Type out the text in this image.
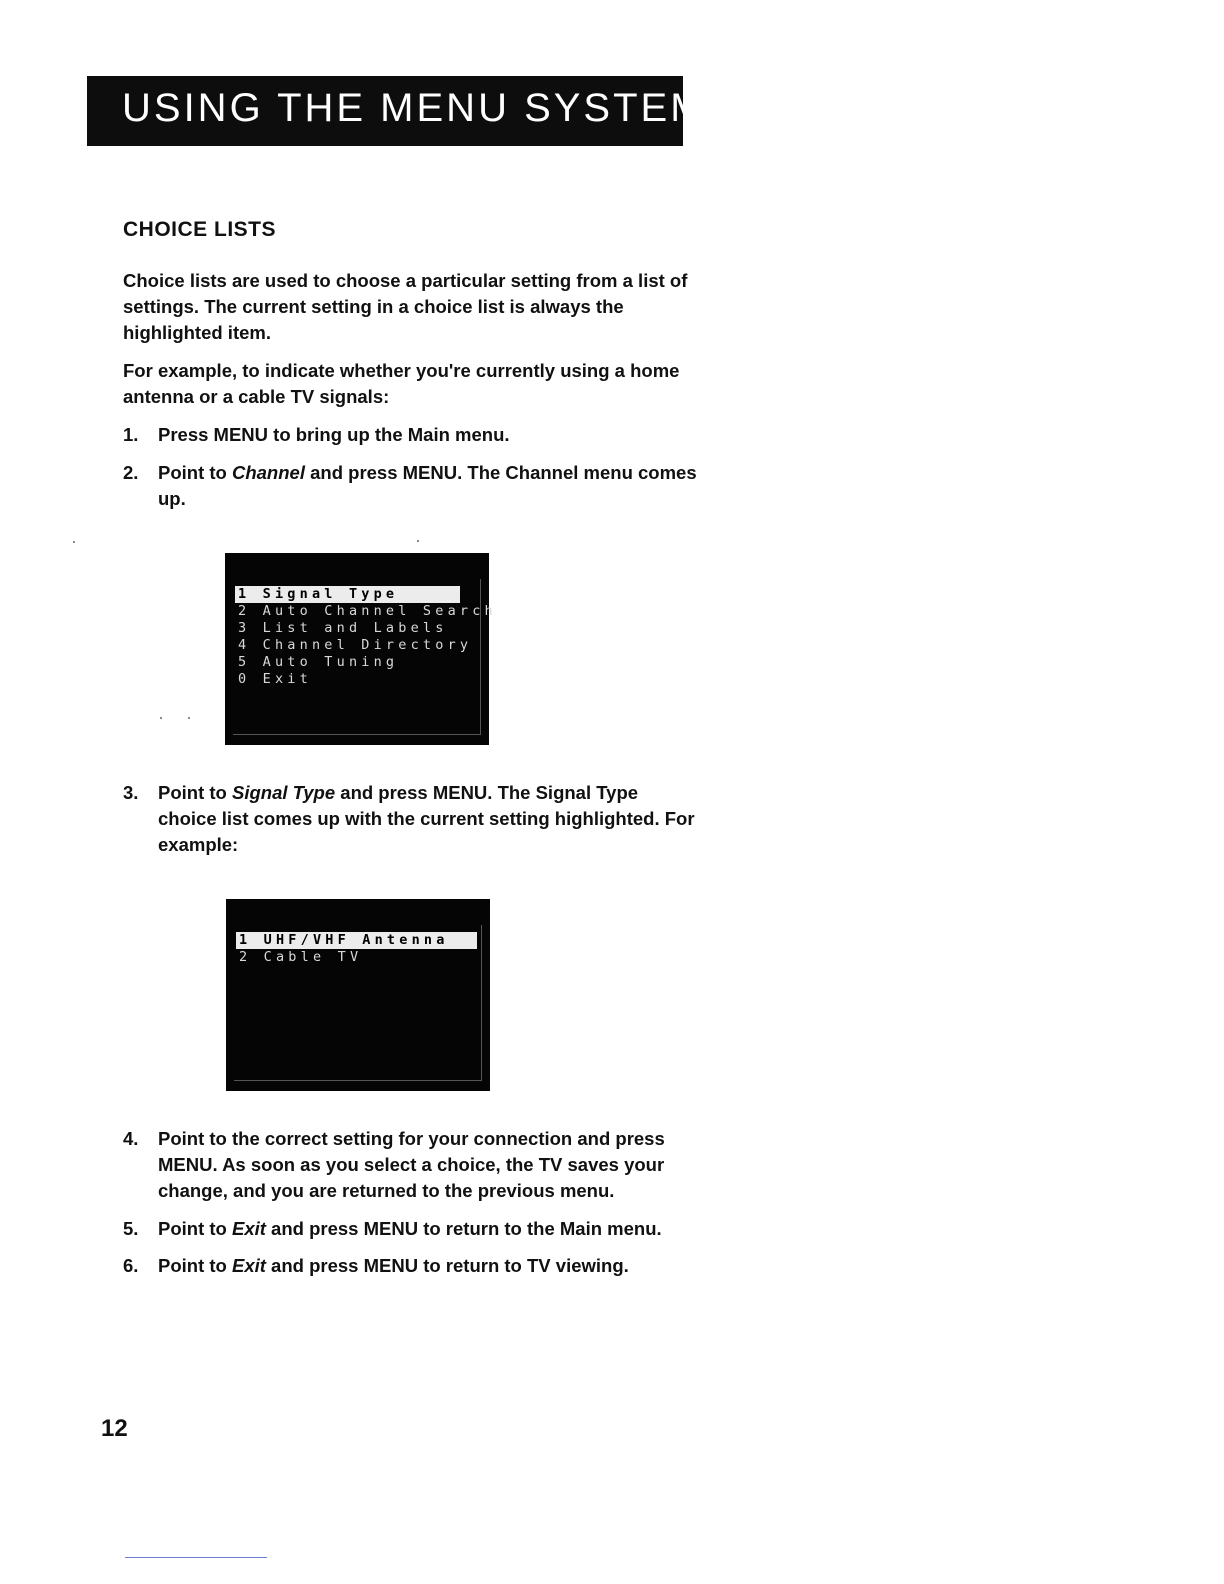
USING THE MENU SYSTEM
CHOICE LISTS
Choice lists are used to choose a particular setting from a list of settings. The current setting in a choice list is always the highlighted item.
For example, to indicate whether you're currently using a home antenna or a cable TV signals:
1.	Press MENU to bring up the Main menu.
2.	Point to Channel and press MENU. The Channel menu comes up.
1 Signal Type
2 Auto Channel Search
3 List and Labels
4 Channel Directory
5 Auto Tuning
0 Exit
3.	Point to Signal Type and press MENU. The Signal Type choice list comes up with the current setting highlighted. For example:
1 UHF/VHF Antenna
2 Cable TV
4.	Point to the correct setting for your connection and press MENU. As soon as you select a choice, the TV saves your change, and you are returned to the previous menu.
5.	Point to Exit and press MENU to return to the Main menu.
6.	Point to Exit and press MENU to return to TV viewing.
12
